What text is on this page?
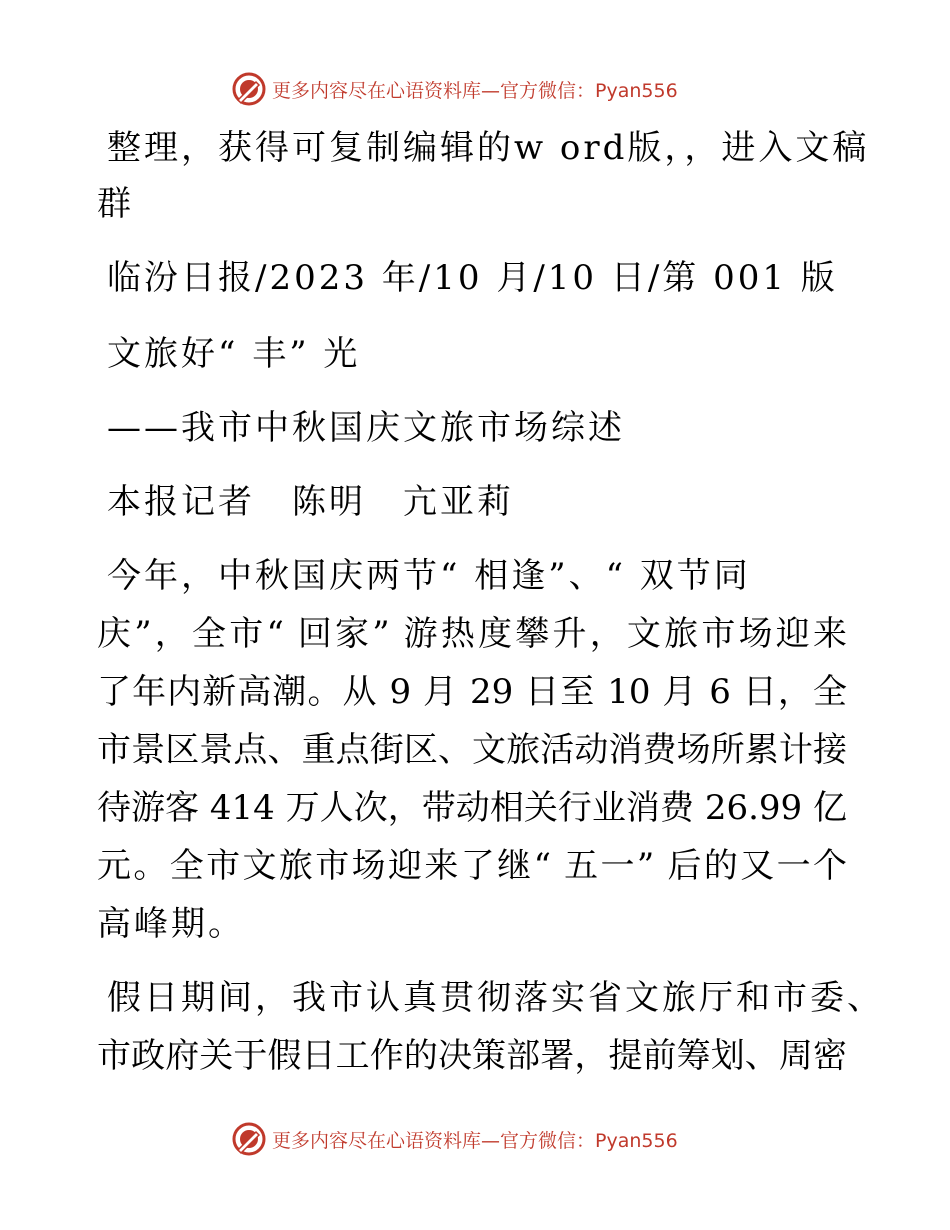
更多内容尽在心语资料库—官方微信：Pyan556
整理，获得可复制编辑的w ord版，，进入文稿
群
临汾日报/2023 年/10 月/10 日/第 001 版
文旅好“ 丰” 光
——我市中秋国庆文旅市场综述
本报记者　陈明　亢亚莉
今年，中秋国庆两节“ 相逢”、“ 双节同
庆”，全市“ 回家” 游热度攀升，文旅市场迎来
了年内新高潮。从 9 月 29 日至 10 月 6 日，全
市景区景点、重点街区、文旅活动消费场所累计接
待游客 414 万人次，带动相关行业消费 26.99 亿
元。全市文旅市场迎来了继“ 五一” 后的又一个
高峰期。
假日期间，我市认真贯彻落实省文旅厅和市委、
市政府关于假日工作的决策部署，提前筹划、周密
更多内容尽在心语资料库—官方微信：Pyan556
